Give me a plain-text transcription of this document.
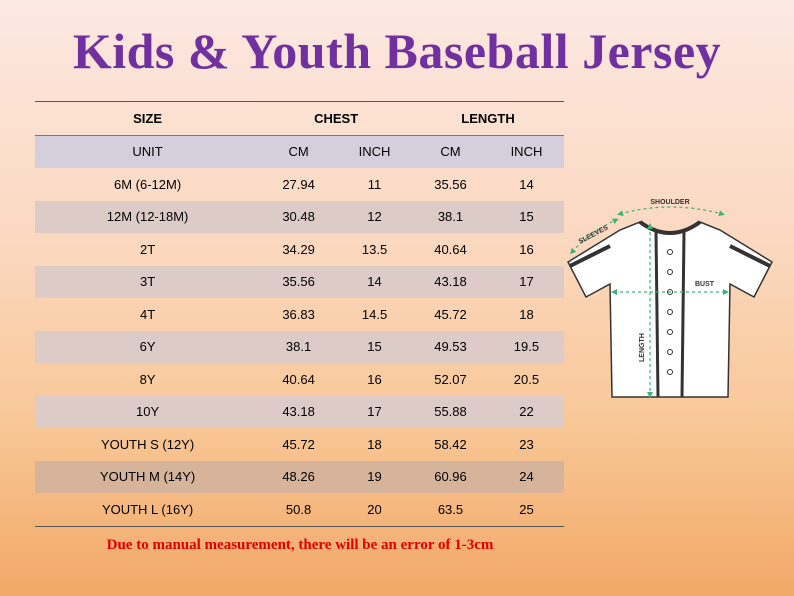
Kids & Youth Baseball Jersey
SIZE	CHEST		LENGTH	
UNIT	CM	INCH	CM	INCH
6M (6-12M)	27.94	11	35.56	14
12M (12-18M)	30.48	12	38.1	15
2T	34.29	13.5	40.64	16
3T	35.56	14	43.18	17
4T	36.83	14.5	45.72	18
6Y	38.1	15	49.53	19.5
8Y	40.64	16	52.07	20.5
10Y	43.18	17	55.88	22
YOUTH S (12Y)	45.72	18	58.42	23
YOUTH M (14Y)	48.26	19	60.96	24
YOUTH L (16Y)	50.8	20	63.5	25
SHOULDER
SLEEVES
BUST
LENGTH
Due to manual measurement, there will be an error of 1-3cm
